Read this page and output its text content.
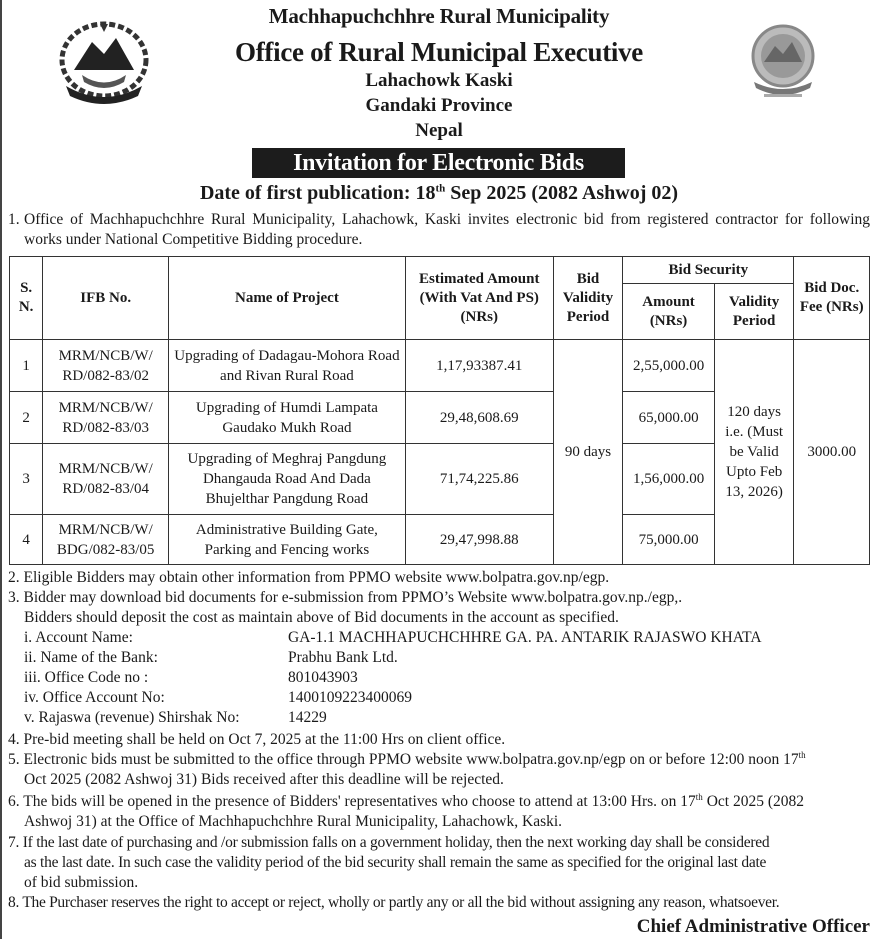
Machhapuchchhre Rural Municipality
Office of Rural Municipal Executive
Lahachowk Kaski
Gandaki Province
Nepal
Invitation for Electronic Bids
Date of first publication: 18th Sep 2025 (2082 Ashwoj 02)
1. Office of Machhapuchchhre Rural Municipality, Lahachowk, Kaski invites electronic bid from registered contractor for following works under National Competitive Bidding procedure.
S. N.	IFB No.	Name of Project	Estimated Amount (With Vat And PS) (NRs)	Bid Validity Period	Bid Security		Bid Doc. Fee (NRs)
					Amount (NRs)	Validity Period	
1	MRM/NCB/W/ RD/082-83/02	Upgrading of Dadagau-Mohora Road and Rivan Rural Road	1,17,93387.41	90 days	2,55,000.00	120 days i.e. (Must be Valid Upto Feb 13, 2026)	3000.00
2	MRM/NCB/W/ RD/082-83/03	Upgrading of Humdi Lampata Gaudako Mukh Road	29,48,608.69		65,000.00		
3	MRM/NCB/W/ RD/082-83/04	Upgrading of Meghraj Pangdung Dhangauda Road And Dada Bhujelthar Pangdung Road	71,74,225.86		1,56,000.00		
4	MRM/NCB/W/ BDG/082-83/05	Administrative Building Gate, Parking and Fencing works	29,47,998.88		75,000.00		
2. Eligible Bidders may obtain other information from PPMO website www.bolpatra.gov.np/egp.
3. Bidder may download bid documents for e-submission from PPMO’s Website www.bolpatra.gov.np./egp,.
Bidders should deposit the cost as maintain above of Bid documents in the account as specified.
i. Account Name:	GA-1.1 MACHHAPUCHCHHRE GA. PA. ANTARIK RAJASWO KHATA
ii. Name of the Bank:	Prabhu Bank Ltd.
iii. Office Code no :	801043903
iv. Office Account No:	1400109223400069
v. Rajaswa (revenue) Shirshak No:	14229
4. Pre-bid meeting shall be held on Oct 7, 2025 at the 11:00 Hrs on client office.
5. Electronic bids must be submitted to the office through PPMO website www.bolpatra.gov.np/egp on or before 12:00 noon 17th
Oct 2025 (2082 Ashwoj 31) Bids received after this deadline will be rejected.
6. The bids will be opened in the presence of Bidders' representatives who choose to attend at 13:00 Hrs. on 17th Oct 2025 (2082
Ashwoj 31) at the Office of Machhapuchchhre Rural Municipality, Lahachowk, Kaski.
7. If the last date of purchasing and /or submission falls on a government holiday, then the next working day shall be considered
as the last date. In such case the validity period of the bid security shall remain the same as specified for the original last date
of bid submission.
8. The Purchaser reserves the right to accept or reject, wholly or partly any or all the bid without assigning any reason, whatsoever.
Chief Administrative Officer
